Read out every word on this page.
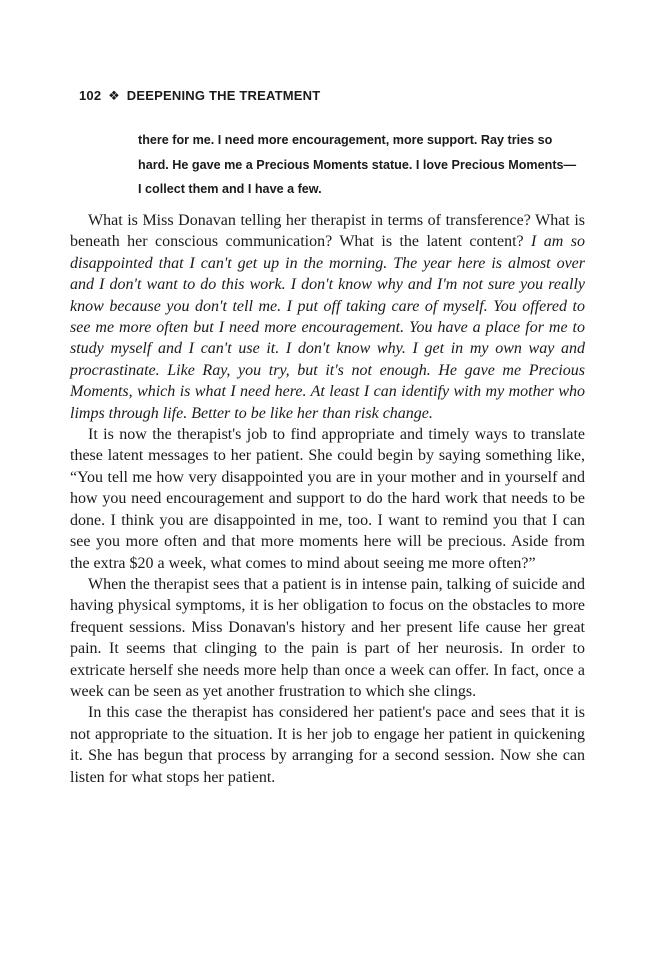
102 ❖ DEEPENING THE TREATMENT
there for me. I need more encouragement, more support. Ray tries so hard. He gave me a Precious Moments statue. I love Precious Moments—I collect them and I have a few.

What is Miss Donavan telling her therapist in terms of transference? What is beneath her conscious communication? What is the latent content? I am so disappointed that I can't get up in the morning. The year here is almost over and I don't want to do this work. I don't know why and I'm not sure you really know because you don't tell me. I put off taking care of myself. You offered to see me more often but I need more encouragement. You have a place for me to study myself and I can't use it. I don't know why. I get in my own way and procrastinate. Like Ray, you try, but it's not enough. He gave me Precious Moments, which is what I need here. At least I can identify with my mother who limps through life. Better to be like her than risk change.

It is now the therapist's job to find appropriate and timely ways to translate these latent messages to her patient. She could begin by saying something like, “You tell me how very disappointed you are in your mother and in yourself and how you need encouragement and support to do the hard work that needs to be done. I think you are disappointed in me, too. I want to remind you that I can see you more often and that more moments here will be precious. Aside from the extra $20 a week, what comes to mind about seeing me more often?”

When the therapist sees that a patient is in intense pain, talking of suicide and having physical symptoms, it is her obligation to focus on the obstacles to more frequent sessions. Miss Donavan's history and her present life cause her great pain. It seems that clinging to the pain is part of her neurosis. In order to extricate herself she needs more help than once a week can offer. In fact, once a week can be seen as yet another frustration to which she clings.

In this case the therapist has considered her patient's pace and sees that it is not appropriate to the situation. It is her job to engage her patient in quickening it. She has begun that process by arranging for a second session. Now she can listen for what stops her patient.
